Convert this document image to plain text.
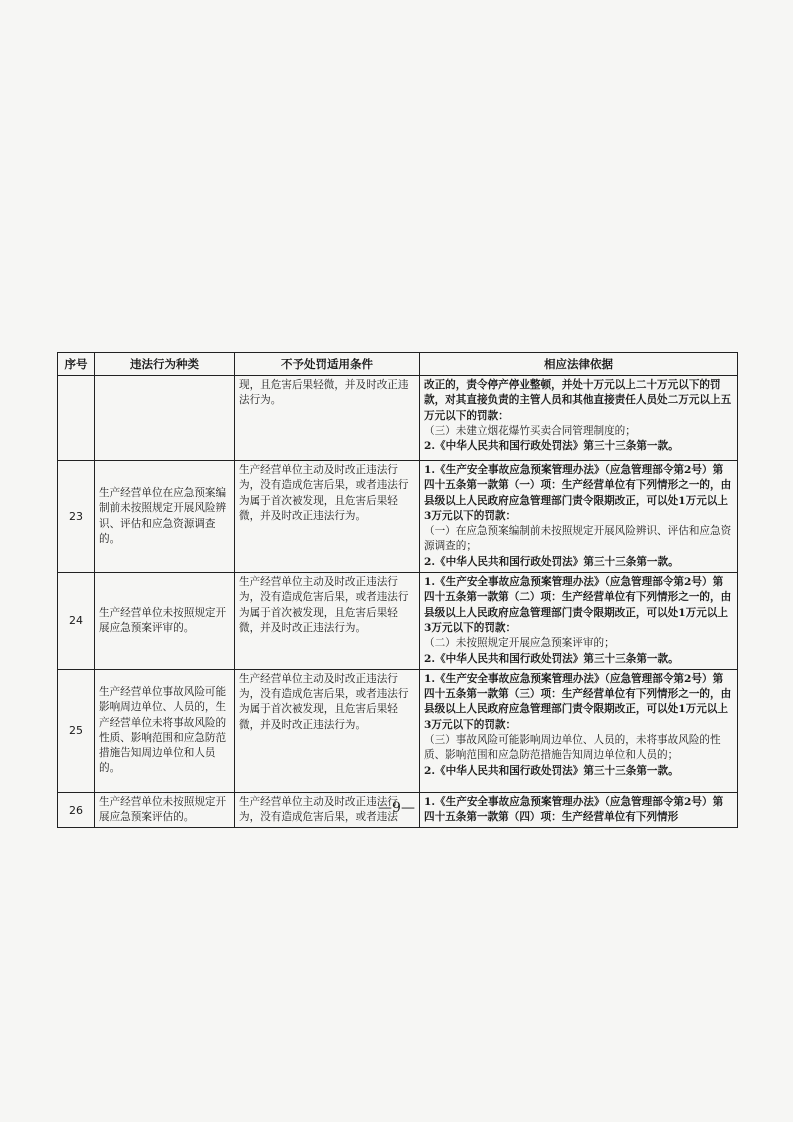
序号	违法行为种类	不予处罚适用条件	相应法律依据

		现，且危害后果轻微，并及时改正违法行为。	改正的，责令停产停业整顿，并处十万元以上二十万元以下的罚款，对其直接负责的主管人员和其他直接责任人员处二万元以上五万元以下的罚款：
（三）未建立烟花爆竹买卖合同管理制度的；
2.《中华人民共和国行政处罚法》第三十三条第一款。

23	生产经营单位在应急预案编制前未按照规定开展风险辨识、评估和应急资源调查的。	生产经营单位主动及时改正违法行为，没有造成危害后果，或者违法行为属于首次被发现，且危害后果轻微，并及时改正违法行为。	1.《生产安全事故应急预案管理办法》（应急管理部令第2号）第四十五条第一款第（一）项：生产经营单位有下列情形之一的，由县级以上人民政府应急管理部门责令限期改正，可以处1万元以上3万元以下的罚款：
（一）在应急预案编制前未按照规定开展风险辨识、评估和应急资源调查的；
2.《中华人民共和国行政处罚法》第三十三条第一款。

24	生产经营单位未按照规定开展应急预案评审的。	生产经营单位主动及时改正违法行为，没有造成危害后果，或者违法行为属于首次被发现，且危害后果轻微，并及时改正违法行为。	1.《生产安全事故应急预案管理办法》（应急管理部令第2号）第四十五条第一款第（二）项：生产经营单位有下列情形之一的，由县级以上人民政府应急管理部门责令限期改正，可以处1万元以上3万元以下的罚款：
（二）未按照规定开展应急预案评审的；
2.《中华人民共和国行政处罚法》第三十三条第一款。

25	生产经营单位事故风险可能影响周边单位、人员的，生产经营单位未将事故风险的性质、影响范围和应急防范措施告知周边单位和人员的。	生产经营单位主动及时改正违法行为，没有造成危害后果，或者违法行为属于首次被发现，且危害后果轻微，并及时改正违法行为。	1.《生产安全事故应急预案管理办法》（应急管理部令第2号）第四十五条第一款第（三）项：生产经营单位有下列情形之一的，由县级以上人民政府应急管理部门责令限期改正，可以处1万元以上3万元以下的罚款：
（三）事故风险可能影响周边单位、人员的，未将事故风险的性质、影响范围和应急防范措施告知周边单位和人员的；
2.《中华人民共和国行政处罚法》第三十三条第一款。

26	生产经营单位未按照规定开展应急预案评估的。	生产经营单位主动及时改正违法行为，没有造成危害后果，或者违法	1.《生产安全事故应急预案管理办法》（应急管理部令第2号）第四十五条第一款第（四）项：生产经营单位有下列情形
—9—
